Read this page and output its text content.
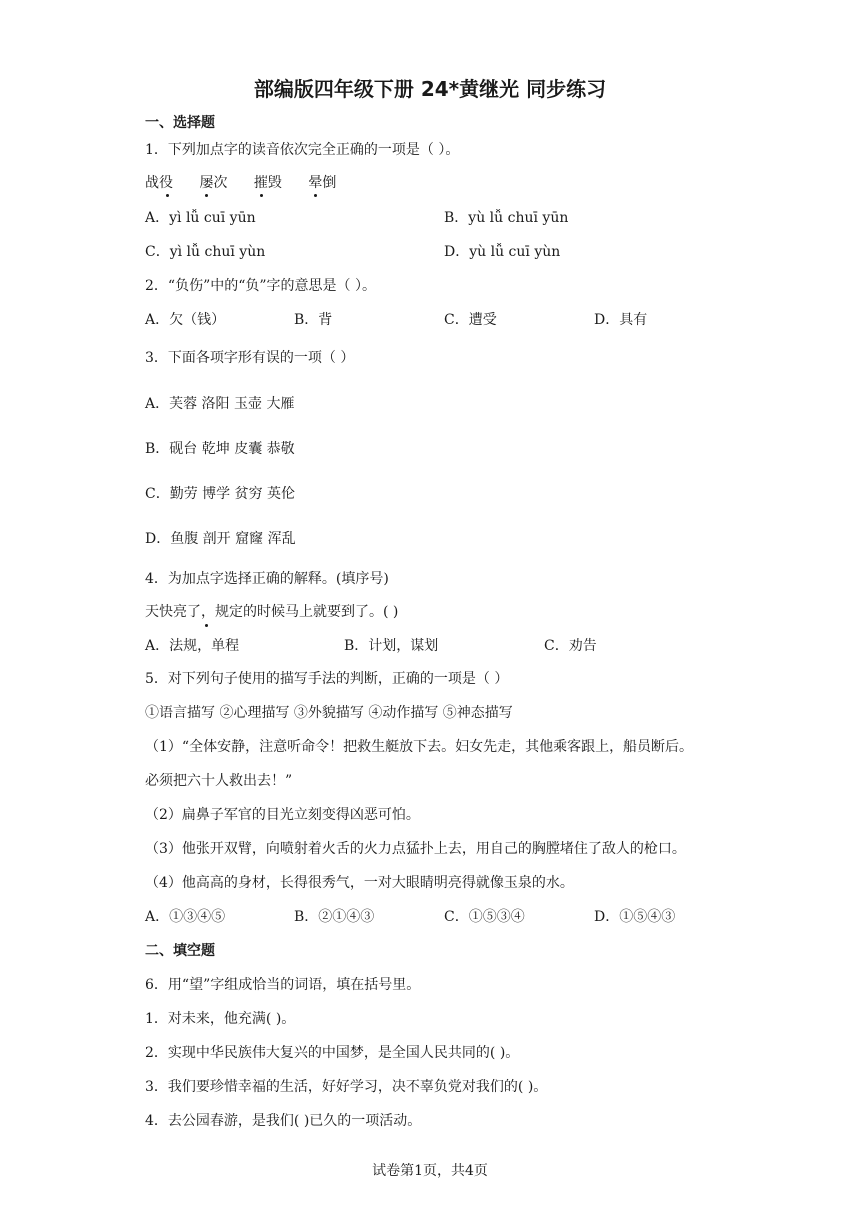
部编版四年级下册 24*黄继光 同步练习
一、选择题
1．下列加点字的读音依次完全正确的一项是（ ）。
战役 屡次 摧毁 晕倒
A．yì lǚ cuī yūn	B．yù lǚ chuī yūn
C．yì lǚ chuī yùn	D．yù lǚ cuī yùn
2．“负伤”中的“负”字的意思是（ ）。
A．欠（钱）	B．背	C．遭受	D．具有
3．下面各项字形有误的一项（ ）
A．芙蓉 洛阳 玉壶 大雁
B．砚台 乾坤 皮囊 恭敬
C．勤劳 博学 贫穷 英伦
D．鱼腹 剖开 窟窿 浑乱
4．为加点字选择正确的解释。(填序号)
天快亮了，规定的时候马上就要到了。( )
A．法规，单程	B．计划，谋划	C．劝告
5．对下列句子使用的描写手法的判断，正确的一项是（ ）
①语言描写 ②心理描写 ③外貌描写 ④动作描写 ⑤神态描写
（1）“全体安静，注意听命令！把救生艇放下去。妇女先走，其他乘客跟上，船员断后。
必须把六十人救出去！”
（2）扁鼻子军官的目光立刻变得凶恶可怕。
（3）他张开双臂，向喷射着火舌的火力点猛扑上去，用自己的胸膛堵住了敌人的枪口。
（4）他高高的身材，长得很秀气，一对大眼睛明亮得就像玉泉的水。
A．①③④⑤	B．②①④③	C．①⑤③④	D．①⑤④③
二、填空题
6．用“望”字组成恰当的词语，填在括号里。
1．对未来，他充满( )。
2．实现中华民族伟大复兴的中国梦，是全国人民共同的( )。
3．我们要珍惜幸福的生活，好好学习，决不辜负党对我们的( )。
4．去公园春游，是我们( )已久的一项活动。
试卷第1页，共4页
